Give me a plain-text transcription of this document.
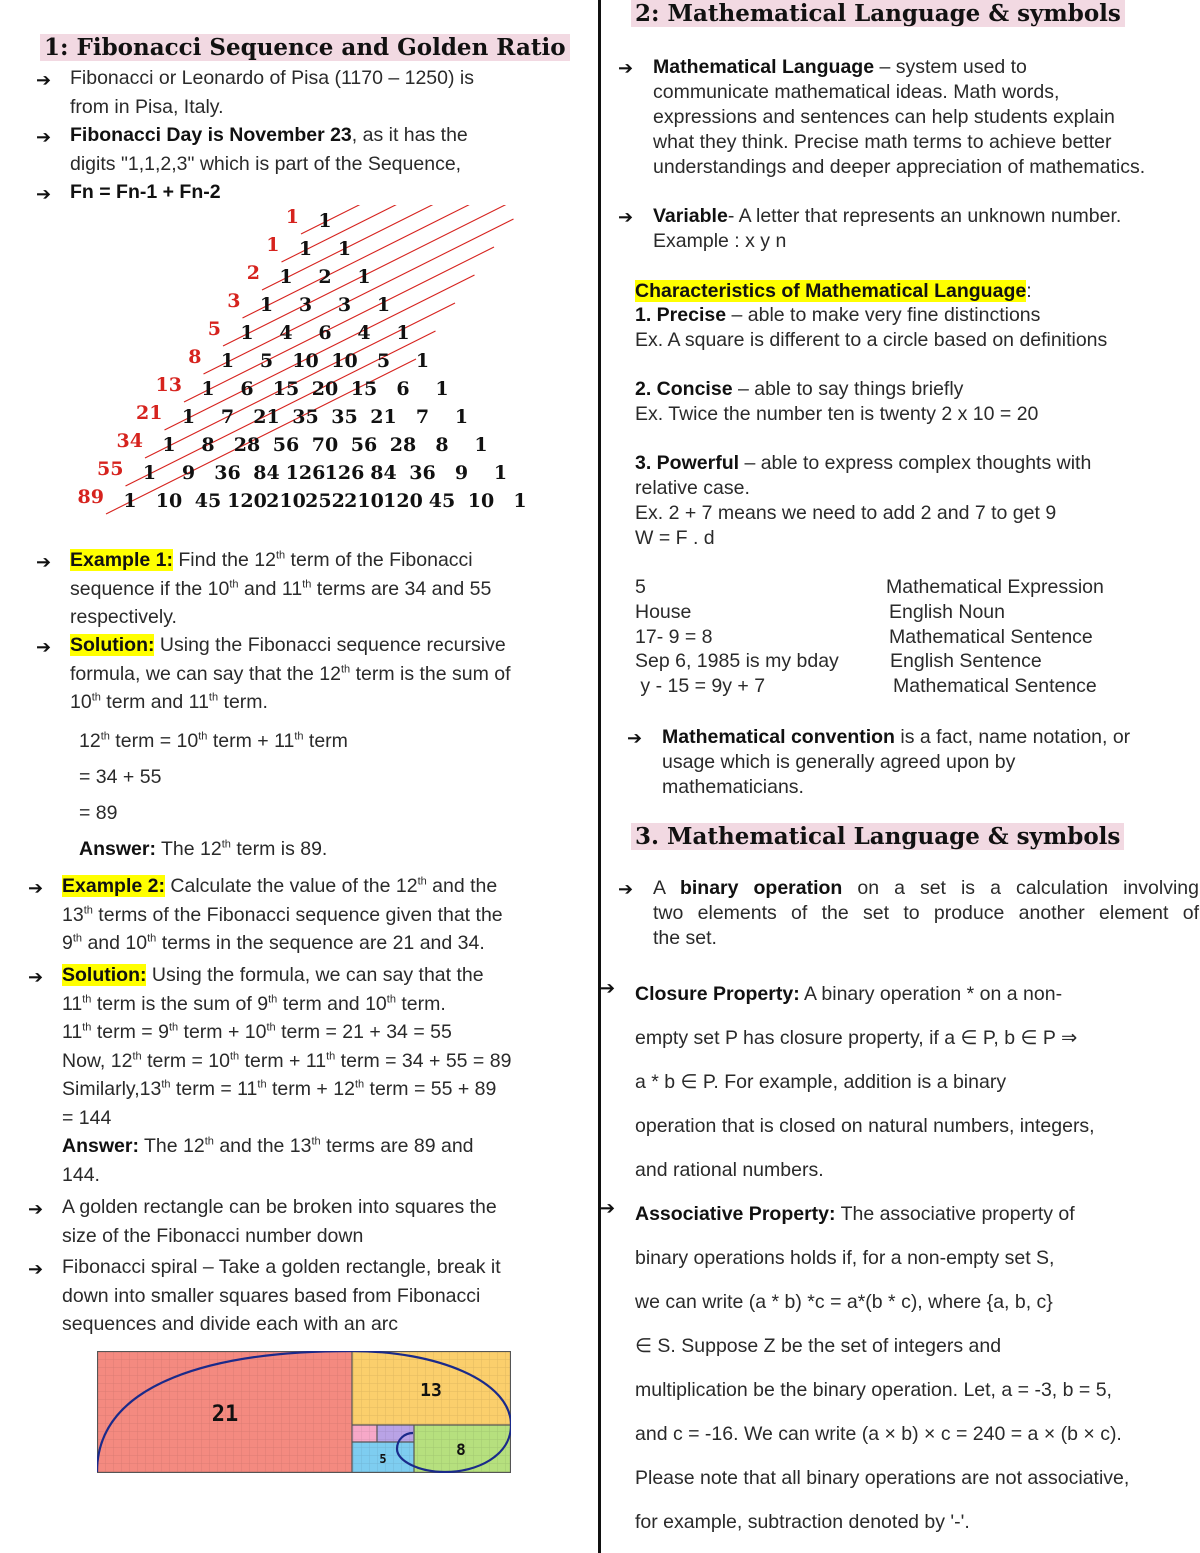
1: Fibonacci Sequence and Golden Ratio
➔ Fibonacci or Leonardo of Pisa (1170 – 1250) is
from in Pisa, Italy.
➔ Fibonacci Day is November 23, as it has the
digits "1,1,2,3" which is part of the Sequence,
➔ Fn = Fn-1 + Fn-2
1
1 1
1 2 1
1 3 3 1
1 4 6 4 1
1 5 10 10 5 1
1 6 15 20 15 6 1
1 7 21 35 35 21 7 1
1 8 28 56 70 56 28 8 1
1 9 36 84 126 126 84 36 9 1
1 10 45 120 210 252 210 120 45 10 1
1
1
2
3
5
8
13
21
34
55
89
➔ Example 1: Find the 12th term of the Fibonacci
sequence if the 10th and 11th terms are 34 and 55
respectively.
➔ Solution: Using the Fibonacci sequence recursive
formula, we can say that the 12th term is the sum of
10th term and 11th term.
12th term = 10th term + 11th term
= 34 + 55
= 89
Answer: The 12th term is 89.
➔ Example 2: Calculate the value of the 12th and the
13th terms of the Fibonacci sequence given that the
9th and 10th terms in the sequence are 21 and 34.
➔ Solution: Using the formula, we can say that the
11th term is the sum of 9th term and 10th term.
11th term = 9th term + 10th term = 21 + 34 = 55
Now, 12th term = 10th term + 11th term = 34 + 55 = 89
Similarly,13th term = 11th term + 12th term = 55 + 89
= 144
Answer: The 12th and the 13th terms are 89 and
144.
➔ A golden rectangle can be broken into squares the
size of the Fibonacci number down
➔ Fibonacci spiral – Take a golden rectangle, break it
down into smaller squares based from Fibonacci
sequences and divide each with an arc
21
13
8
5
2: Mathematical Language & symbols
➔ Mathematical Language – system used to
communicate mathematical ideas. Math words,
expressions and sentences can help students explain
what they think. Precise math terms to achieve better
understandings and deeper appreciation of mathematics.
➔ Variable- A letter that represents an unknown number.
Example : x y n
Characteristics of Mathematical Language:
1. Precise – able to make very fine distinctions
Ex. A square is different to a circle based on definitions
2. Concise – able to say things briefly
Ex. Twice the number ten is twenty 2 x 10 = 20
3. Powerful – able to express complex thoughts with
relative case.
Ex. 2 + 7 means we need to add 2 and 7 to get 9
W = F . d
5	Mathematical Expression
House	English Noun
17- 9 = 8	Mathematical Sentence
Sep 6, 1985 is my bday	English Sentence
y - 15 = 9y + 7	Mathematical Sentence
➔ Mathematical convention is a fact, name notation, or
usage which is generally agreed upon by
mathematicians.
3. Mathematical Language & symbols
➔ A binary operation on a set is a calculation involving
two elements of the set to produce another element of
the set.
➔ Closure Property: A binary operation * on a non-
empty set P has closure property, if a ∈ P, b ∈ P ⇒
a * b ∈ P. For example, addition is a binary
operation that is closed on natural numbers, integers,
and rational numbers.
➔ Associative Property: The associative property of
binary operations holds if, for a non-empty set S,
we can write (a * b) *c = a*(b * c), where {a, b, c}
∈ S. Suppose Z be the set of integers and
multiplication be the binary operation. Let, a = -3, b = 5,
and c = -16. We can write (a × b) × c = 240 = a × (b × c).
Please note that all binary operations are not associative,
for example, subtraction denoted by '-'.
